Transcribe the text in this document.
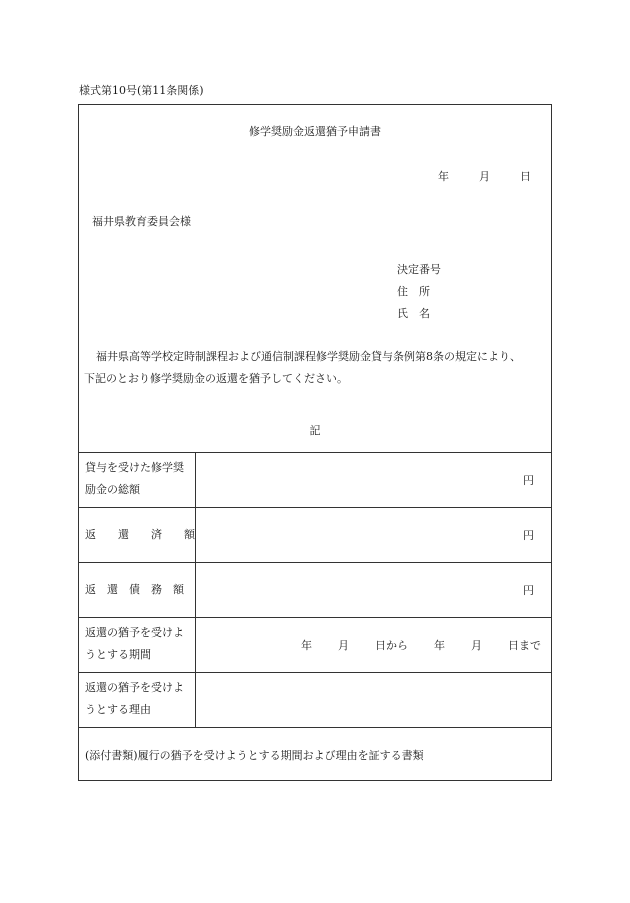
様式第10号(第11条関係)
修学奨励金返還猶予申請書
年	月	日
福井県教育委員会様
決定番号
住　所
氏　名
福井県高等学校定時制課程および通信制課程修学奨励金貸与条例第8条の規定により、
下記のとおり修学奨励金の返還を猶予してください。
記
貸与を受けた修学奨
励金の総額
円
返　　還　　済　　額	円
返　還　債　務　額	円
返還の猶予を受けよ
うとする期間
年 月 日から 年 月 日まで
返還の猶予を受けよ
うとする理由
(添付書類)履行の猶予を受けようとする期間および理由を証する書類
